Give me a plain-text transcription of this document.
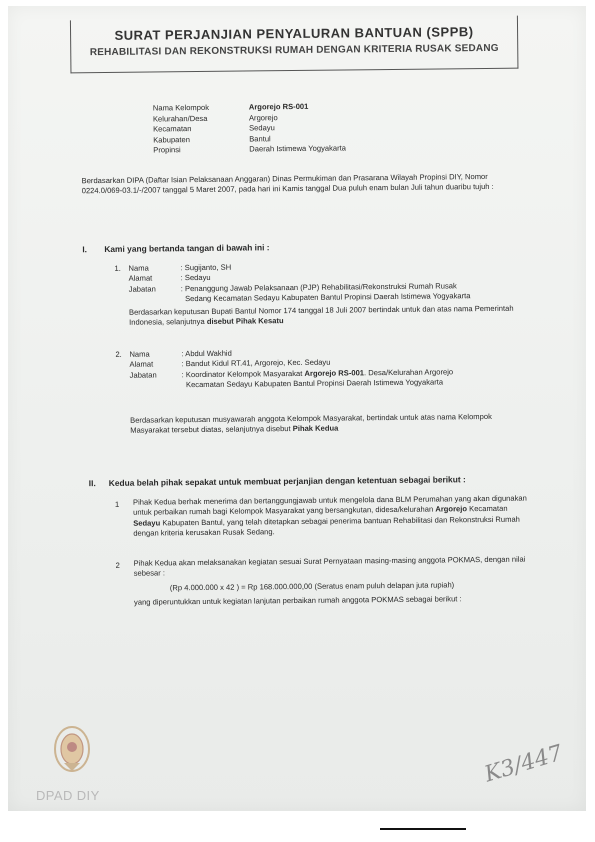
SURAT PERJANJIAN PENYALURAN BANTUAN (SPPB)
REHABILITASI DAN REKONSTRUKSI RUMAH DENGAN KRITERIA RUSAK SEDANG
Nama Kelompok	Argorejo RS-001
Kelurahan/Desa	Argorejo
Kecamatan	Sedayu
Kabupaten	Bantul
Propinsi	Daerah Istimewa Yogyakarta
Berdasarkan DIPA (Daftar Isian Pelaksanaan Anggaran) Dinas Permukiman dan Prasarana Wilayah Propinsi DIY, Nomor 0224.0/069-03.1/-/2007 tanggal 5 Maret 2007, pada hari ini Kamis tanggal Dua puluh enam bulan Juli tahun duaribu tujuh :
I. Kami yang bertanda tangan di bawah ini :
1. Nama	: Sugijanto, SH
Alamat	: Sedayu
Jabatan	: Penanggung Jawab Pelaksanaan (PJP) Rehabilitasi/Rekonstruksi Rumah Rusak Sedang Kecamatan Sedayu Kabupaten Bantul Propinsi Daerah Istimewa Yogyakarta
Berdasarkan keputusan Bupati Bantul Nomor 174 tanggal 18 Juli 2007 bertindak untuk dan atas nama Pemerintah Indonesia, selanjutnya disebut Pihak Kesatu
2. Nama	: Abdul Wakhid
Alamat	: Bandut Kidul RT.41, Argorejo, Kec. Sedayu
Jabatan	: Koordinator Kelompok Masyarakat Argorejo RS-001. Desa/Kelurahan Argorejo Kecamatan Sedayu Kabupaten Bantul Propinsi Daerah Istimewa Yogyakarta
Berdasarkan keputusan musyawarah anggota Kelompok Masyarakat, bertindak untuk atas nama Kelompok Masyarakat tersebut diatas, selanjutnya disebut Pihak Kedua
II. Kedua belah pihak sepakat untuk membuat perjanjian dengan ketentuan sebagai berikut :
1 Pihak Kedua berhak menerima dan bertanggungjawab untuk mengelola dana BLM Perumahan yang akan digunakan untuk perbaikan rumah bagi Kelompok Masyarakat yang bersangkutan, didesa/kelurahan Argorejo Kecamatan Sedayu Kabupaten Bantul, yang telah ditetapkan sebagai penerima bantuan Rehabilitasi dan Rekonstruksi Rumah dengan kriteria kerusakan Rusak Sedang.
2 Pihak Kedua akan melaksanakan kegiatan sesuai Surat Pernyataan masing-masing anggota POKMAS, dengan nilai sebesar :
(Rp 4.000.000 x 42 ) = Rp 168.000.000,00 (Seratus enam puluh delapan juta rupiah)
yang diperuntukkan untuk kegiatan lanjutan perbaikan rumah anggota POKMAS sebagai berikut :
K3/447
DPAD DIY
